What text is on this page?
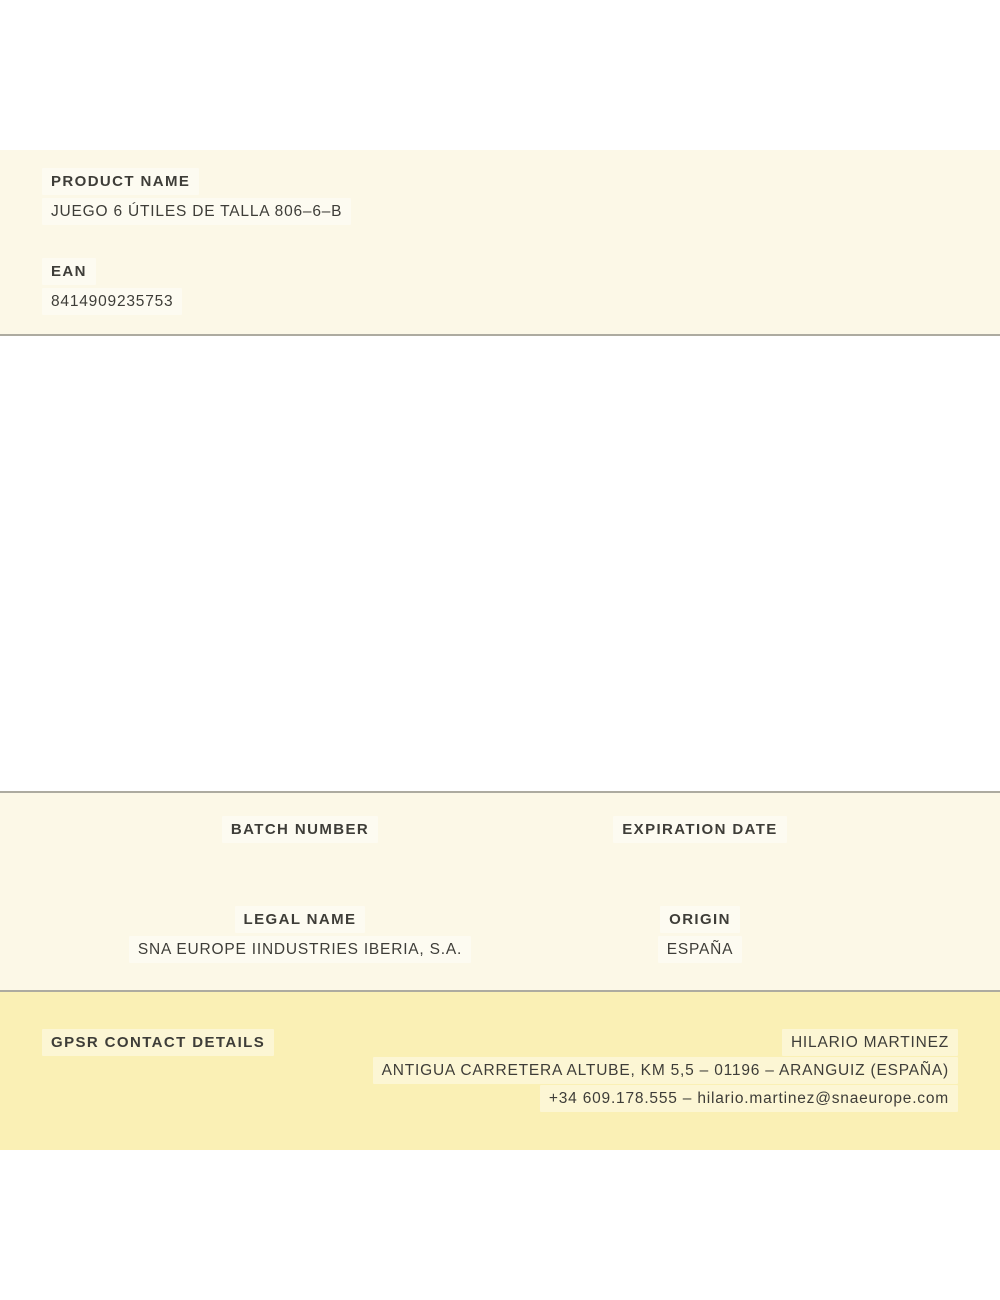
PRODUCT NAME
JUEGO 6 ÚTILES DE TALLA 806–6–B
EAN
8414909235753
BATCH NUMBER	EXPIRATION DATE
LEGAL NAME
SNA EUROPE IINDUSTRIES IBERIA, S.A.
ORIGIN
ESPAÑA
GPSR CONTACT DETAILS	HILARIO MARTINEZ
ANTIGUA CARRETERA ALTUBE, KM 5,5 – 01196 – ARANGUIZ (ESPAÑA)
+34 609.178.555 – hilario.martinez@snaeurope.com
